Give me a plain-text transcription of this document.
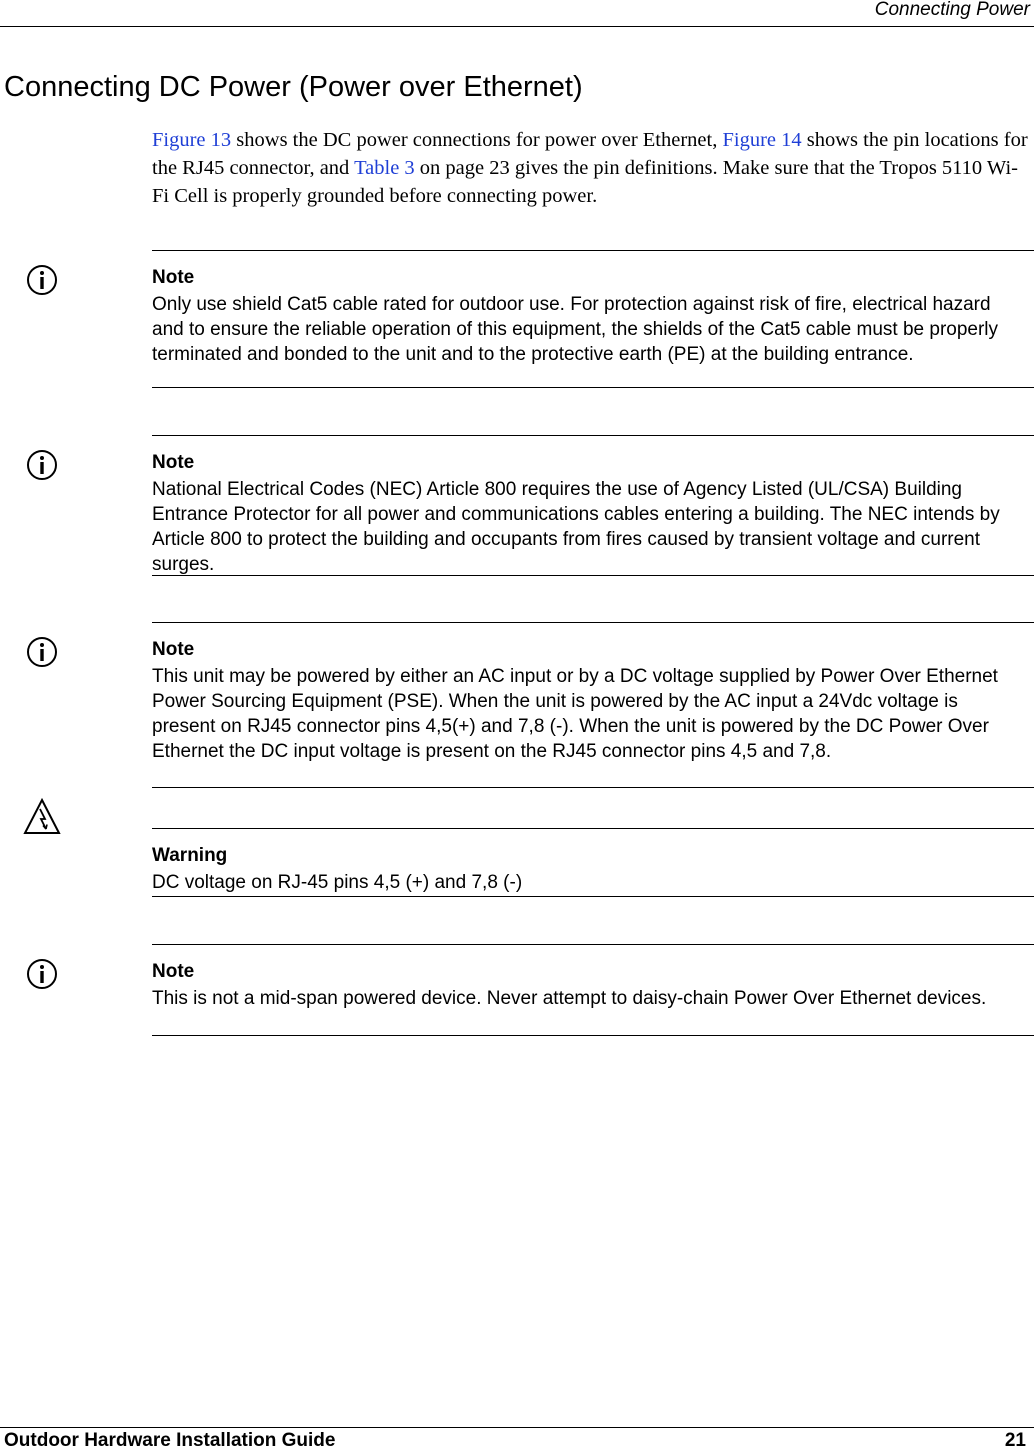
Connecting Power
Connecting DC Power (Power over Ethernet)

Figure 13 shows the DC power connections for power over Ethernet, Figure 14 shows the pin locations for the RJ45 connector, and Table 3 on page 23 gives the pin definitions. Make sure that the Tropos 5110 Wi-Fi Cell is properly grounded before connecting power.

Note

Only use shield Cat5 cable rated for outdoor use. For protection against risk of fire, electrical hazard and to ensure the reliable operation of this equipment, the shields of the Cat5 cable must be properly terminated and bonded to the unit and to the protective earth (PE) at the building entrance.

Note

National Electrical Codes (NEC) Article 800 requires the use of Agency Listed (UL/CSA) Building Entrance Protector for all power and communications cables entering a building. The NEC intends by Article 800 to protect the building and occupants from fires caused by transient voltage and current surges.

Note

This unit may be powered by either an AC input or by a DC voltage supplied by Power Over Ethernet Power Sourcing Equipment (PSE). When the unit is powered by the AC input a 24Vdc voltage is present on RJ45 connector pins 4,5(+) and 7,8 (-). When the unit is powered by the DC Power Over Ethernet the DC input voltage is present on the RJ45 connector pins 4,5 and 7,8.

Warning

DC voltage on RJ-45 pins 4,5 (+) and 7,8 (-)

Note

This is not a mid-span powered device. Never attempt to daisy-chain Power Over Ethernet devices.

Outdoor Hardware Installation Guide	21
